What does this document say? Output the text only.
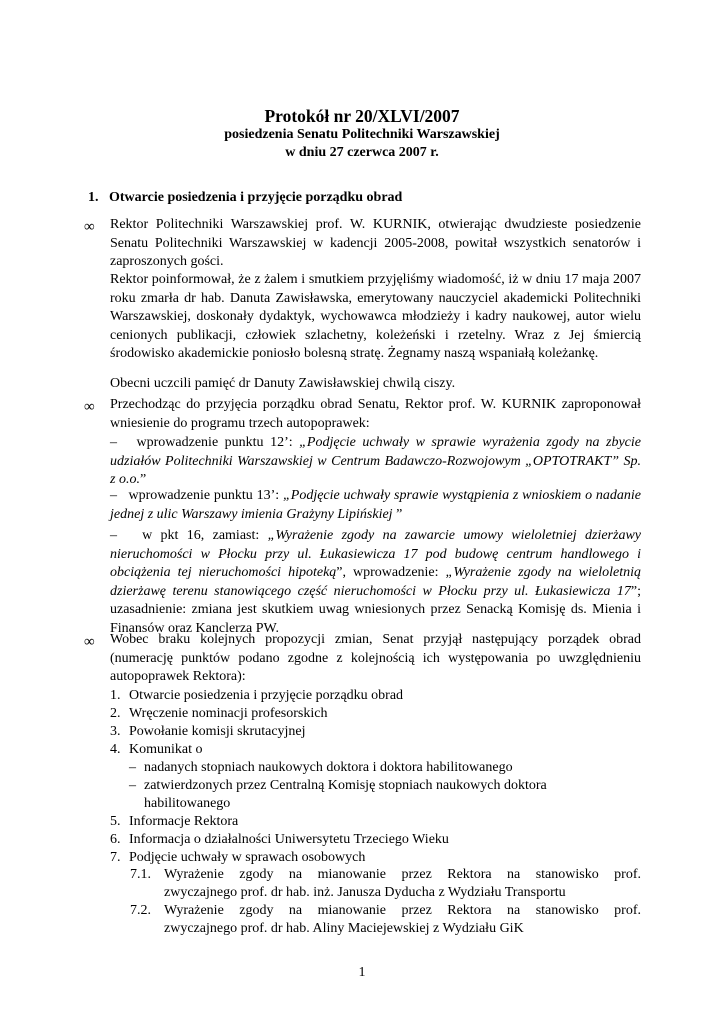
Protokół nr 20/XLVI/2007
posiedzenia Senatu Politechniki Warszawskiej
w dniu 27 czerwca 2007 r.
1. Otwarcie posiedzenia i przyjęcie porządku obrad
∞ Rektor Politechniki Warszawskiej prof. W. KURNIK, otwierając dwudzieste posiedzenie Senatu Politechniki Warszawskiej w kadencji 2005-2008, powitał wszystkich senatorów i zaproszonych gości.
Rektor poinformował, że z żalem i smutkiem przyjęliśmy wiadomość, iż w dniu 17 maja 2007 roku zmarła dr hab. Danuta Zawisławska, emerytowany nauczyciel akademicki Politechniki Warszawskiej, doskonały dydaktyk, wychowawca młodzieży i kadry naukowej, autor wielu cenionych publikacji, człowiek szlachetny, koleżeński i rzetelny. Wraz z Jej śmiercią środowisko akademickie poniosło bolesną stratę. Żegnamy naszą wspaniałą koleżankę.
Obecni uczcili pamięć dr Danuty Zawisławskiej chwilą ciszy.
∞ Przechodząc do przyjęcia porządku obrad Senatu, Rektor prof. W. KURNIK zaproponował wniesienie do programu trzech autopoprawek:
– wprowadzenie punktu 12’: „Podjęcie uchwały w sprawie wyrażenia zgody na zbycie udziałów Politechniki Warszawskiej w Centrum Badawczo-Rozwojowym „OPTOTRAKT” Sp. z o.o.”
– wprowadzenie punktu 13’: „Podjęcie uchwały sprawie wystąpienia z wnioskiem o nadanie jednej z ulic Warszawy imienia Grażyny Lipińskiej ”
– w pkt 16, zamiast: „Wyrażenie zgody na zawarcie umowy wieloletniej dzierżawy nieruchomości w Płocku przy ul. Łukasiewicza 17 pod budowę centrum handlowego i obciążenia tej nieruchomości hipoteką”, wprowadzenie: „Wyrażenie zgody na wieloletnią dzierżawę terenu stanowiącego część nieruchomości w Płocku przy ul. Łukasiewicza 17”; uzasadnienie: zmiana jest skutkiem uwag wniesionych przez Senacką Komisję ds. Mienia i Finansów oraz Kanclerza PW.
∞ Wobec braku kolejnych propozycji zmian, Senat przyjął następujący porządek obrad (numerację punktów podano zgodne z kolejnością ich występowania po uwzględnieniu autopoprawek Rektora):
1. Otwarcie posiedzenia i przyjęcie porządku obrad
2. Wręczenie nominacji profesorskich
3. Powołanie komisji skrutacyjnej
4. Komunikat o
– nadanych stopniach naukowych doktora i doktora habilitowanego
– zatwierdzonych przez Centralną Komisję stopniach naukowych doktora
habilitowanego
5. Informacje Rektora
6. Informacja o działalności Uniwersytetu Trzeciego Wieku
7. Podjęcie uchwały w sprawach osobowych
7.1. Wyrażenie zgody na mianowanie przez Rektora na stanowisko prof.
zwyczajnego prof. dr hab. inż. Janusza Dyducha z Wydziału Transportu
7.2. Wyrażenie zgody na mianowanie przez Rektora na stanowisko prof.
zwyczajnego prof. dr hab. Aliny Maciejewskiej z Wydziału GiK
1
